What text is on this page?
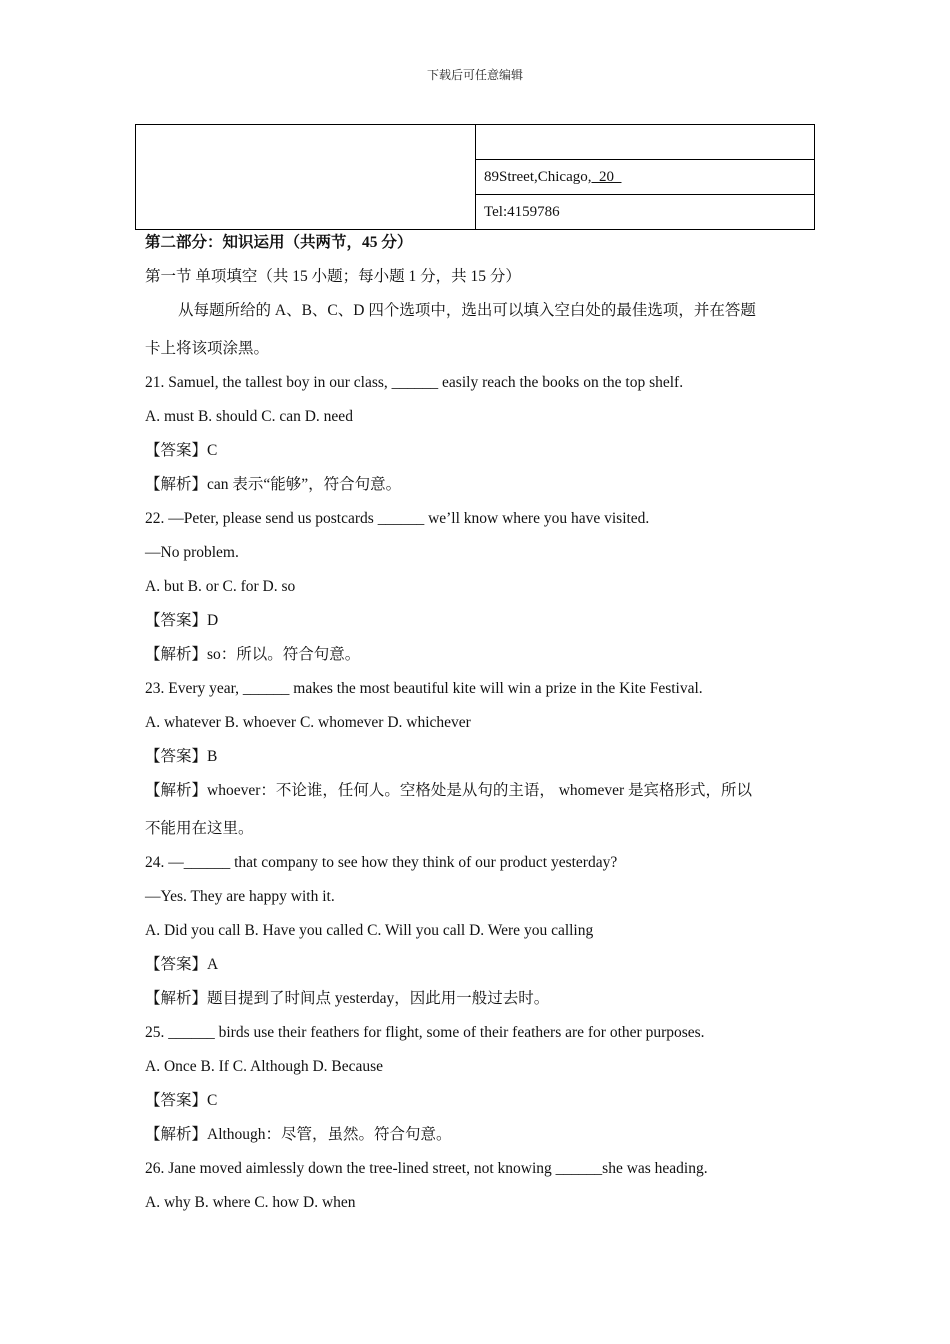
下载后可任意编辑
89Street,Chicago,  20
Tel:4159786
第二部分：知识运用（共两节，45 分）
第一节 单项填空（共 15 小题；每小题 1 分，共 15 分）
从每题所给的 A、B、C、D 四个选项中，选出可以填入空白处的最佳选项，并在答题
卡上将该项涂黑。
21. Samuel, the tallest boy in our class, ______ easily reach the books on the top shelf.
A. must B. should C. can D. need
【答案】C
【解析】can 表示“能够”，符合句意。
22. —Peter, please send us postcards ______ we’ll know where you have visited.
—No problem.
A. but B. or C. for D. so
【答案】D
【解析】so：所以。符合句意。
23. Every year, ______ makes the most beautiful kite will win a prize in the Kite Festival.
A. whatever B. whoever C. whomever D. whichever
【答案】B
【解析】whoever：不论谁，任何人。空格处是从句的主语， whomever 是宾格形式，所以
不能用在这里。
24. —______ that company to see how they think of our product yesterday?
—Yes. They are happy with it.
A. Did you call B. Have you called C. Will you call D. Were you calling
【答案】A
【解析】题目提到了时间点 yesterday，因此用一般过去时。
25. ______ birds use their feathers for flight, some of their feathers are for other purposes.
A. Once B. If C. Although D. Because
【答案】C
【解析】Although：尽管，虽然。符合句意。
26. Jane moved aimlessly down the tree-lined street, not knowing ______she was heading.
A. why B. where C. how D. when
